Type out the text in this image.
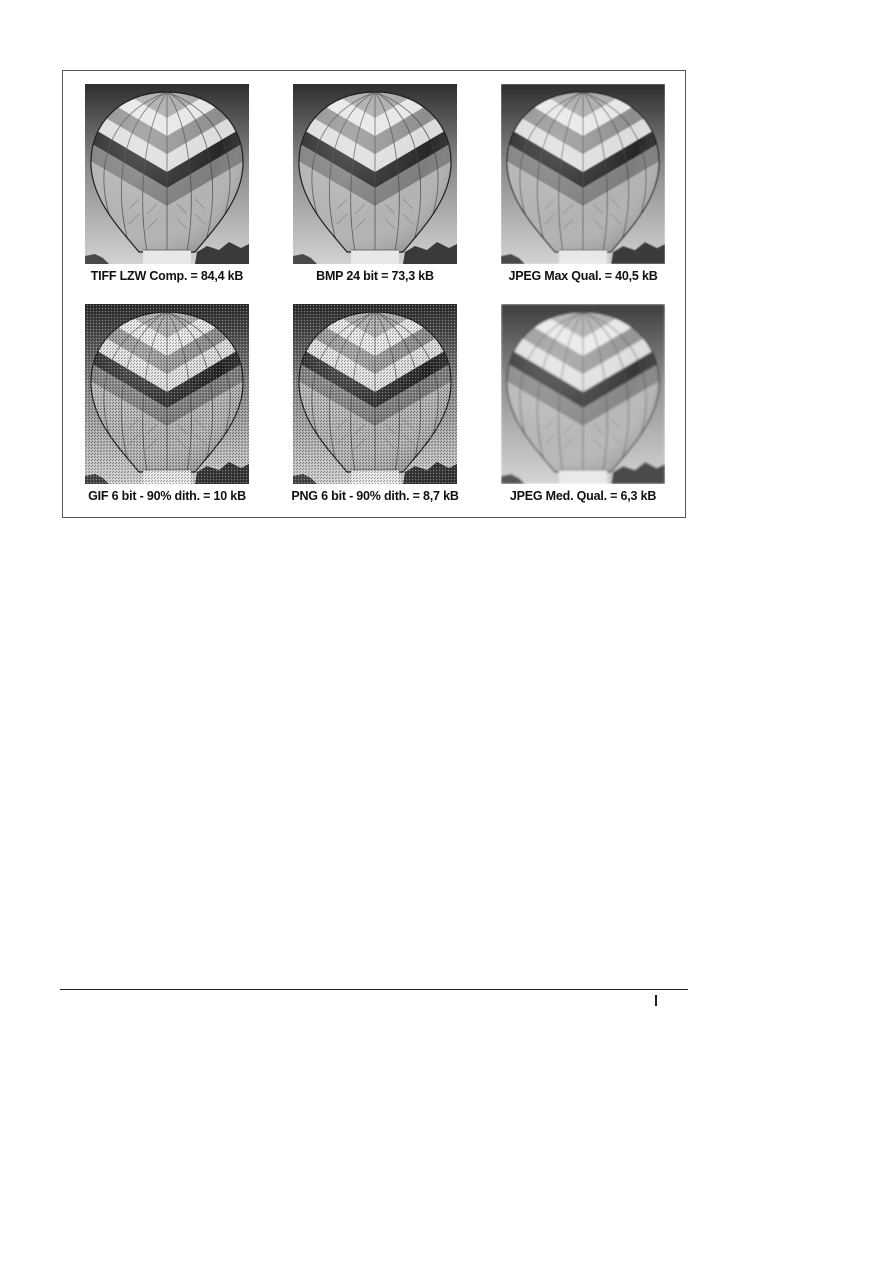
TIFF LZW Comp. = 84,4 kB	BMP 24 bit = 73,3 kB	JPEG Max Qual. = 40,5 kB
GIF 6 bit - 90% dith. = 10 kB	PNG 6 bit - 90% dith. = 8,7 kB	JPEG Med. Qual. = 6,3 kB
